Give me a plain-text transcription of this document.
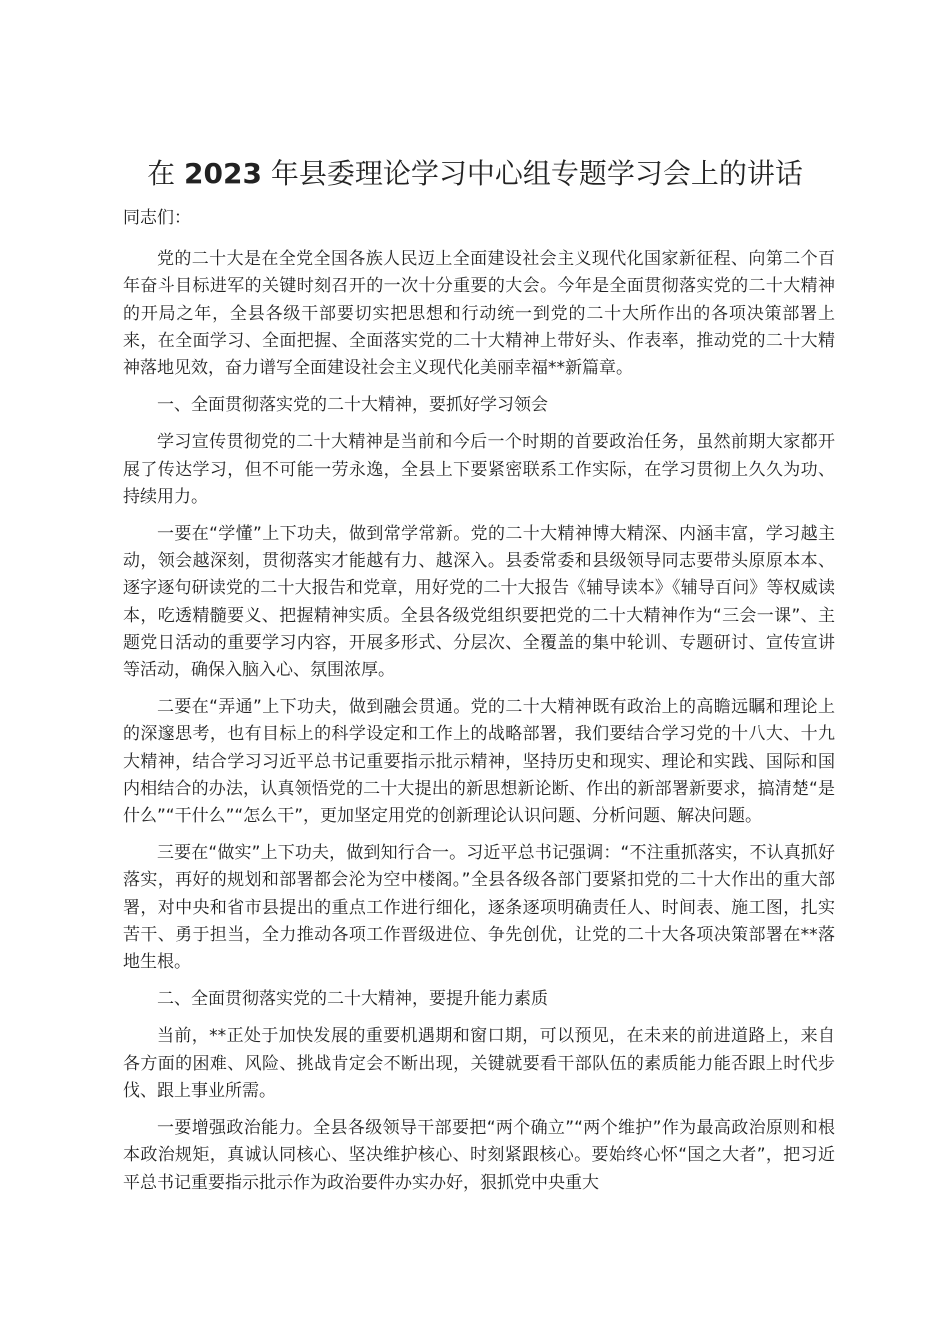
在 2023 年县委理论学习中心组专题学习会上的讲话

同志们：

党的二十大是在全党全国各族人民迈上全面建设社会主义现代化国家新征程、向第二个百年奋斗目标进军的关键时刻召开的一次十分重要的大会。今年是全面贯彻落实党的二十大精神的开局之年，全县各级干部要切实把思想和行动统一到党的二十大所作出的各项决策部署上来，在全面学习、全面把握、全面落实党的二十大精神上带好头、作表率，推动党的二十大精神落地见效，奋力谱写全面建设社会主义现代化美丽幸福**新篇章。

一、全面贯彻落实党的二十大精神，要抓好学习领会

学习宣传贯彻党的二十大精神是当前和今后一个时期的首要政治任务，虽然前期大家都开展了传达学习，但不可能一劳永逸，全县上下要紧密联系工作实际，在学习贯彻上久久为功、持续用力。

一要在“学懂”上下功夫，做到常学常新。党的二十大精神博大精深、内涵丰富，学习越主动，领会越深刻，贯彻落实才能越有力、越深入。县委常委和县级领导同志要带头原原本本、逐字逐句研读党的二十大报告和党章，用好党的二十大报告《辅导读本》《辅导百问》等权威读本，吃透精髓要义、把握精神实质。全县各级党组织要把党的二十大精神作为“三会一课”、主题党日活动的重要学习内容，开展多形式、分层次、全覆盖的集中轮训、专题研讨、宣传宣讲等活动，确保入脑入心、氛围浓厚。

二要在“弄通”上下功夫，做到融会贯通。党的二十大精神既有政治上的高瞻远瞩和理论上的深邃思考，也有目标上的科学设定和工作上的战略部署，我们要结合学习党的十八大、十九大精神，结合学习习近平总书记重要指示批示精神，坚持历史和现实、理论和实践、国际和国内相结合的办法，认真领悟党的二十大提出的新思想新论断、作出的新部署新要求，搞清楚“是什么”“干什么”“怎么干”，更加坚定用党的创新理论认识问题、分析问题、解决问题。

三要在“做实”上下功夫，做到知行合一。习近平总书记强调：“不注重抓落实，不认真抓好落实，再好的规划和部署都会沦为空中楼阁。”全县各级各部门要紧扣党的二十大作出的重大部署，对中央和省市县提出的重点工作进行细化，逐条逐项明确责任人、时间表、施工图，扎实苦干、勇于担当，全力推动各项工作晋级进位、争先创优，让党的二十大各项决策部署在**落地生根。

二、全面贯彻落实党的二十大精神，要提升能力素质

当前，**正处于加快发展的重要机遇期和窗口期，可以预见，在未来的前进道路上，来自各方面的困难、风险、挑战肯定会不断出现，关键就要看干部队伍的素质能力能否跟上时代步伐、跟上事业所需。

一要增强政治能力。全县各级领导干部要把“两个确立”“两个维护”作为最高政治原则和根本政治规矩，真诚认同核心、坚决维护核心、时刻紧跟核心。要始终心怀“国之大者”，把习近平总书记重要指示批示作为政治要件办实办好，狠抓党中央重大
